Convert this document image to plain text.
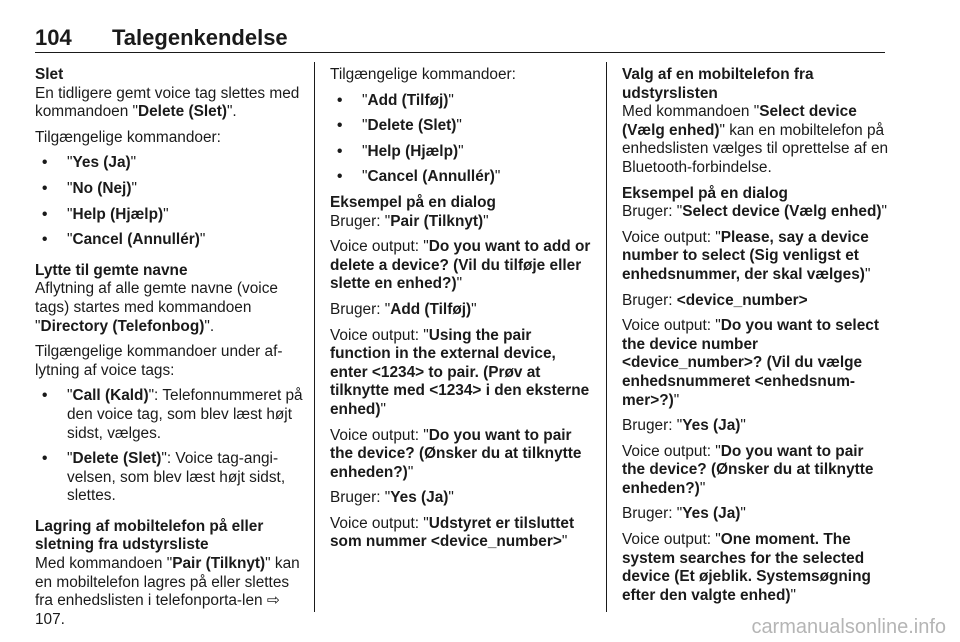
104 Talegenkendelse
Slet

En tidligere gemt voice tag slettes med kommandoen "Delete (Slet)".

Tilgængelige kommandoer:

• "Yes (Ja)"
• "No (Nej)"
• "Help (Hjælp)"
• "Cancel (Annullér)"
Lytte til gemte navne

Aflytning af alle gemte navne (voice tags) startes med kommandoen "Directory (Telefonbog)".

Tilgængelige kommandoer under af-lytning af voice tags:

• "Call (Kald)": Telefonnummeret på den voice tag, som blev læst højt sidst, vælges.
• "Delete (Slet)": Voice tag-angi-velsen, som blev læst højt sidst, slettes.
Lagring af mobiltelefon på eller sletning fra udstyrsliste

Med kommandoen "Pair (Tilknyt)" kan en mobiltelefon lagres på eller slettes fra enhedslisten i telefonporta-len ⇨ 107.

Tilgængelige kommandoer:

• "Add (Tilføj)"
• "Delete (Slet)"
• "Help (Hjælp)"
• "Cancel (Annullér)"
Eksempel på en dialog

Bruger: "Pair (Tilknyt)"

Voice output: "Do you want to add or delete a device? (Vil du tilføje eller slette en enhed?)"

Bruger: "Add (Tilføj)"

Voice output: "Using the pair function in the external device, enter <1234> to pair. (Prøv at tilknytte med <1234> i den eksterne enhed)"

Voice output: "Do you want to pair the device? (Ønsker du at tilknytte enheden?)"

Bruger: "Yes (Ja)"

Voice output: "Udstyret er tilsluttet som nummer <device_number>"

Valg af en mobiltelefon fra udstyrslisten

Med kommandoen "Select device (Vælg enhed)" kan en mobiltelefon på enhedslisten vælges til oprettelse af en Bluetooth-forbindelse.

Eksempel på en dialog

Bruger: "Select device (Vælg enhed)"

Voice output: "Please, say a device number to select (Sig venligst et enhedsnummer, der skal vælges)"

Bruger: <device_number>

Voice output: "Do you want to select the device number <device_number>? (Vil du vælge enhedsnummeret <enhedsnum-mer>?)"

Bruger: "Yes (Ja)"

Voice output: "Do you want to pair the device? (Ønsker du at tilknytte enheden?)"

Bruger: "Yes (Ja)"

Voice output: "One moment. The system searches for the selected device (Et øjeblik. Systemsøgning efter den valgte enhed)"

carmanualsonline.info
